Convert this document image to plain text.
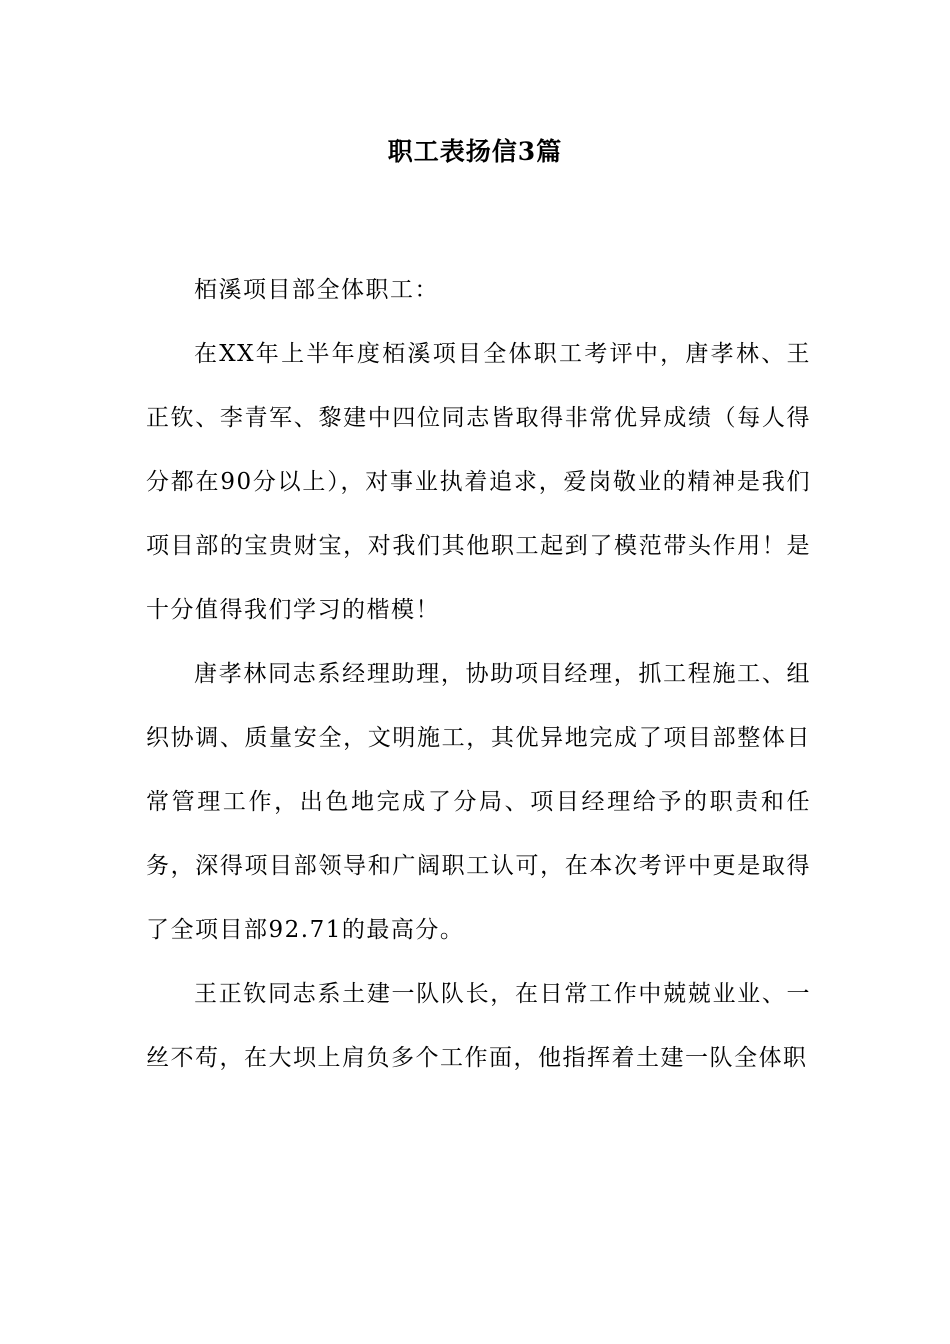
职工表扬信3篇

栢溪项目部全体职工：

在XX年上半年度栢溪项目全体职工考评中，唐孝林、王正钦、李青军、黎建中四位同志皆取得非常优异成绩（每人得分都在90分以上），对事业执着追求，爱岗敬业的精神是我们项目部的宝贵财宝，对我们其他职工起到了模范带头作用！是十分值得我们学习的楷模！

唐孝林同志系经理助理，协助项目经理，抓工程施工、组织协调、质量安全，文明施工，其优异地完成了项目部整体日常管理工作，出色地完成了分局、项目经理给予的职责和任务，深得项目部领导和广阔职工认可，在本次考评中更是取得了全项目部92.71的最高分。

王正钦同志系土建一队队长，在日常工作中兢兢业业、一丝不苟，在大坝上肩负多个工作面，他指挥着土建一队全体职
